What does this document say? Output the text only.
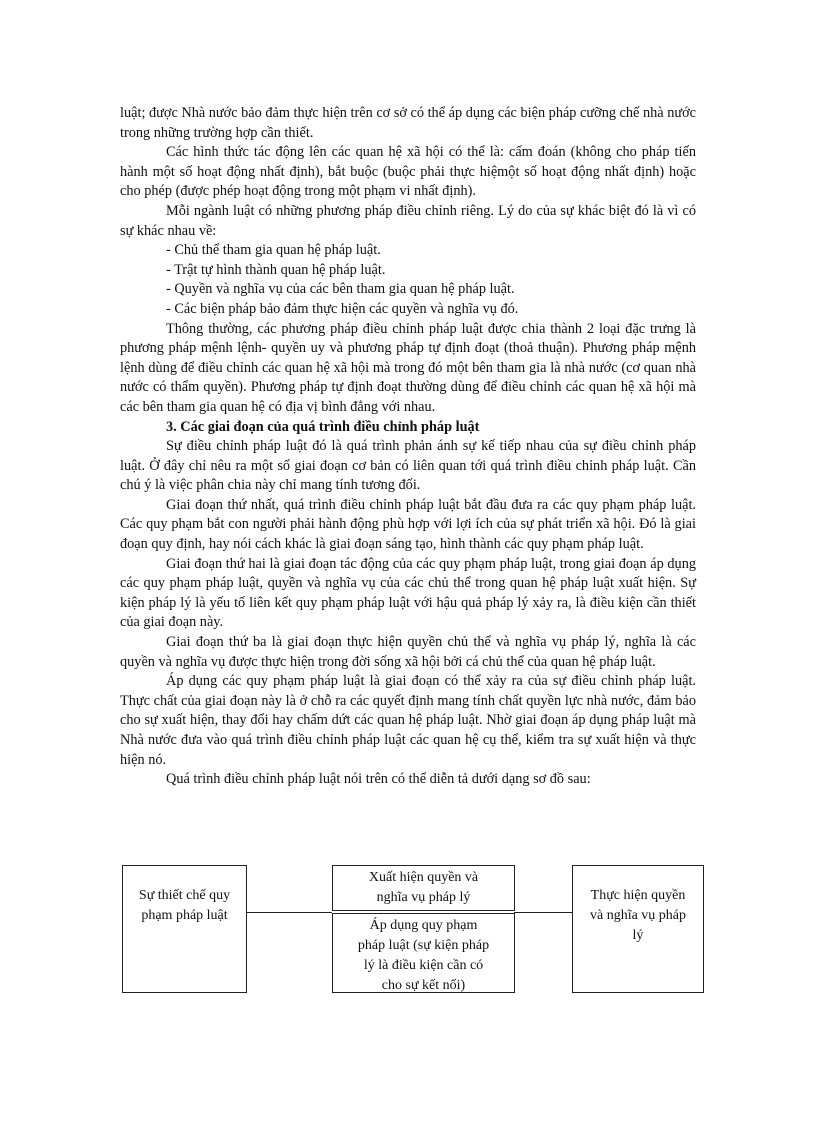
luật; được Nhà nước bảo đảm thực hiện trên cơ sở có thể áp dụng các biện pháp cưỡng chế nhà nước trong những trường hợp cần thiết.

Các hình thức tác động lên các quan hệ xã hội có thể là: cấm đoán (không cho pháp tiến hành một số hoạt động nhất định), bắt buộc (buộc phải thực hiệmột số hoạt động nhất định) hoặc cho phép (được phép hoạt động trong một phạm vi nhất định).

Mỗi ngành luật có những phương pháp điều chỉnh riêng. Lý do của sự khác biệt đó là vì có sự khác nhau về:

- Chủ thể tham gia quan hệ pháp luật.

- Trật tự hình thành quan hệ pháp luật.

- Quyền và nghĩa vụ của các bên tham gia quan hệ pháp luật.

- Các biện pháp bảo đảm thực hiện các quyền và nghĩa vụ đó.

Thông thường, các phương pháp điều chỉnh pháp luật được chia thành 2 loại đặc trưng là phương pháp mệnh lệnh- quyền uy và phương pháp tự định đoạt (thoả thuận). Phương pháp mệnh lệnh dùng để điều chỉnh các quan hệ xã hội mà trong đó một bên tham gia là nhà nước (cơ quan nhà nước có thẩm quyền). Phương pháp tự định đoạt thường dùng để điều chỉnh các quan hệ xã hội mà các bên tham gia quan hệ có địa vị bình đẳng với nhau.

3. Các giai đoạn của quá trình điều chỉnh pháp luật

Sự điều chỉnh pháp luật đó là quá trình phản ánh sự kế tiếp nhau của sự điều chỉnh pháp luật. Ở đây chỉ nêu ra một số giai đoạn cơ bản có liên quan tới quá trình điều chỉnh pháp luật. Cần chú ý là việc phân chia này chỉ mang tính tương đối.

Giai đoạn thứ nhất, quá trình điều chỉnh pháp luật bắt đầu đưa ra các quy phạm pháp luật. Các quy phạm bắt con người phải hành động phù hợp với lợi ích của sự phát triển xã hội. Đó là giai đoạn quy định, hay nói cách khác là giai đoạn sáng tạo, hình thành các quy phạm pháp luật.

Giai đoạn thứ hai là giai đoạn tác động của các quy phạm pháp luật, trong giai đoạn áp dụng các quy phạm pháp luật, quyền và nghĩa vụ của các chủ thể trong quan hệ pháp luật xuất hiện. Sự kiện pháp lý là yếu tố liên kết quy phạm pháp luật với hậu quả pháp lý xảy ra, là điều kiện cần thiết của giai đoạn này.

Giai đoạn thứ ba là giai đoạn thực hiện quyền chủ thể và nghĩa vụ pháp lý, nghĩa là các quyền và nghĩa vụ được thực hiện trong đời sống xã hội bởi cá chủ thể của quan hệ pháp luật.

Áp dụng các quy phạm pháp luật là giai đoạn có thể xảy ra của sự điều chỉnh pháp luật. Thực chất của giai đoạn này là ở chỗ ra các quyết định mang tính chất quyền lực nhà nước, đảm bảo cho sự xuất hiện, thay đổi hay chấm dứt các quan hệ pháp luật. Nhờ giai đoạn áp dụng pháp luật mà Nhà nước đưa vào quá trình điều chỉnh pháp luật các quan hệ cụ thể, kiểm tra sự xuất hiện và thực hiện nó.

Quá trình điều chỉnh pháp luật nói trên có thể diễn tả dưới dạng sơ đồ sau:

Sự thiết chế quy
phạm pháp luật
Xuất hiện quyền và
nghĩa vụ pháp lý
Áp dụng quy phạm
pháp luật (sự kiện pháp
lý là điều kiện cần có
cho sự kết nối)
Thực hiện quyền
và nghĩa vụ pháp
lý
